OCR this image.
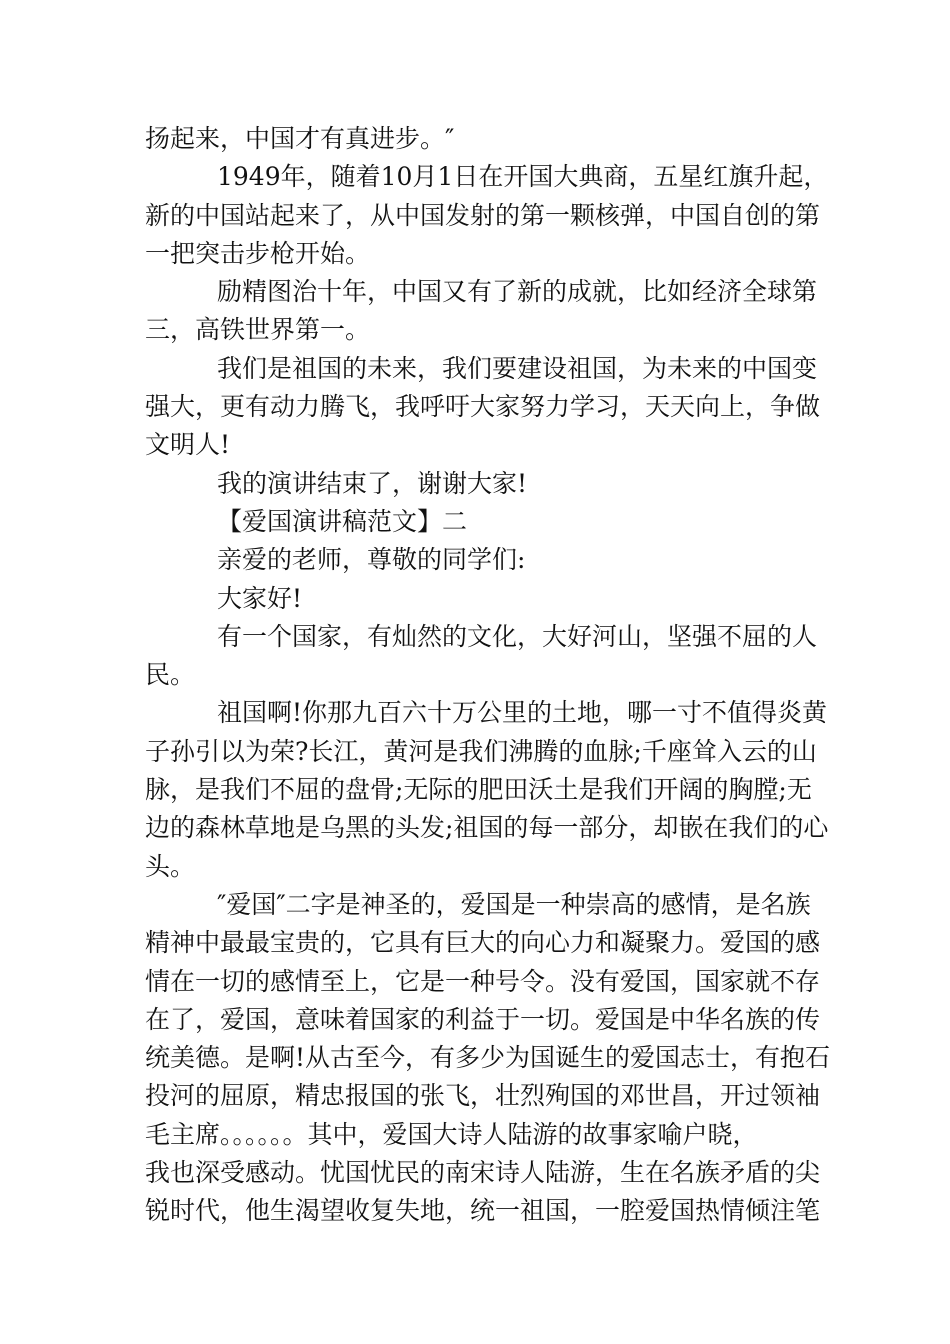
扬起来，中国才有真进步。″
1949年，随着10月1日在开国大典商，五星红旗升起，
新的中国站起来了，从中国发射的第一颗核弹，中国自创的第
一把突击步枪开始。
励精图治十年，中国又有了新的成就，比如经济全球第
三，高铁世界第一。
我们是祖国的未来，我们要建设祖国，为未来的中国变
强大，更有动力腾飞，我呼吁大家努力学习，天天向上，争做
文明人!
我的演讲结束了，谢谢大家!
【爱国演讲稿范文】二
亲爱的老师，尊敬的同学们:
大家好!
有一个国家，有灿然的文化，大好河山，坚强不屈的人
民。
祖国啊!你那九百六十万公里的土地，哪一寸不值得炎黄
子孙引以为荣?长江，黄河是我们沸腾的血脉;千座耸入云的山
脉，是我们不屈的盘骨;无际的肥田沃土是我们开阔的胸膛;无
边的森林草地是乌黑的头发;祖国的每一部分，却嵌在我们的心
头。
″爱国″二字是神圣的，爱国是一种崇高的感情，是名族
精神中最最宝贵的，它具有巨大的向心力和凝聚力。爱国的感
情在一切的感情至上，它是一种号令。没有爱国，国家就不存
在了，爱国，意味着国家的利益于一切。爱国是中华名族的传
统美德。是啊!从古至今，有多少为国诞生的爱国志士，有抱石
投河的屈原，精忠报国的张飞，壮烈殉国的邓世昌，开过领袖
毛主席。。。。。。其中，爱国大诗人陆游的故事家喻户晓，
我也深受感动。忧国忧民的南宋诗人陆游，生在名族矛盾的尖
锐时代，他生渴望收复失地，统一祖国，一腔爱国热情倾注笔
